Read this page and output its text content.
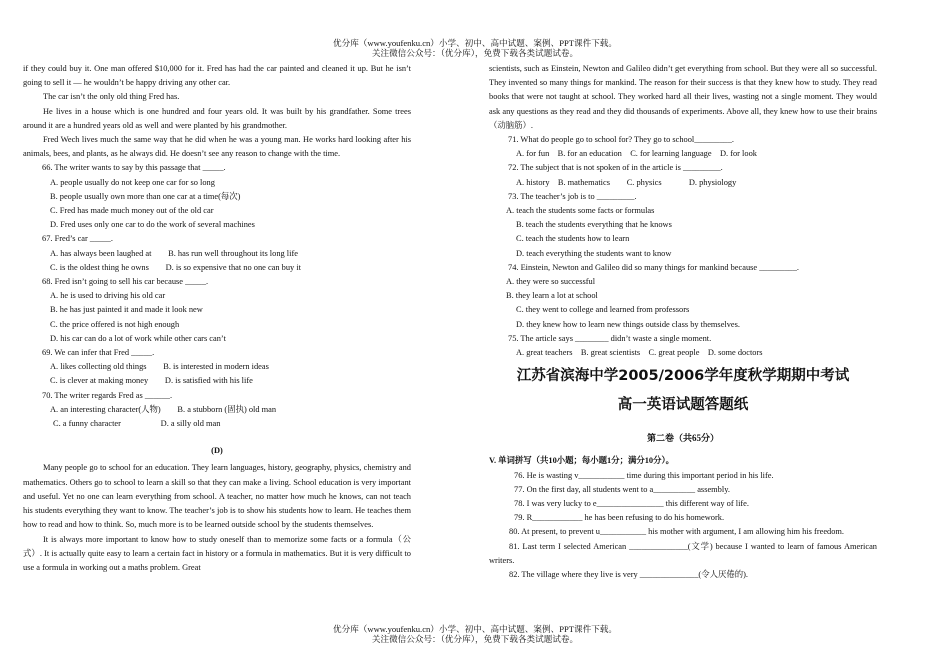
优分库（www.youfenku.cn）小学、初中、高中试题、案例、PPT课件下载。
关注微信公众号：（优分库），免费下载各类试题试卷。

if they could buy it. One man offered $10,000 for it. Fred has had the car painted and cleaned it up. But he isn’t going to sell it — he wouldn’t be happy driving any other car.

The car isn’t the only old thing Fred has.

He lives in a house which is one hundred and four years old. It was built by his grandfather. Some trees around it are a hundred years old as well and were planted by his grandmother.

Fred Wech lives much the same way that he did when he was a young man. He works hard looking after his animals, bees, and plants, as he always did. He doesn’t see any reason to change with the time.

66. The writer wants to say by this passage that _____.

A. people usually do not keep one car for so long

B. people usually own more than one car at a time(每次)

C. Fred has made much money out of the old car

D. Fred uses only one car to do the work of several machines

67. Fred’s car _____.

A. has always been laughed at        B. has run well throughout its long life

C. is the oldest thing he owns        D. is so expensive that no one can buy it

68. Fred isn’t going to sell his car because _____.

A. he is used to driving his old car

B. he has just painted it and made it look new

C. the price offered is not high enough

D. his car can do a lot of work while other cars can’t

69. We can infer that Fred _____.

A. likes collecting old things        B. is interested in modern ideas

C. is clever at making money        D. is satisfied with his life

70. The writer regards Fred as ______.

A. an interesting character(人物)        B. a stubborn (固执) old man

C. a funny character                   D. a silly old man

(D)

Many people go to school for an education. They learn languages, history, geography, physics, chemistry and mathematics. Others go to school to learn a skill so that they can make a living. School education is very important and useful. Yet no one can learn everything from school. A teacher, no matter how much he knows, can not teach his students everything they want to know. The teacher’s job is to show his students how to learn. He teaches them how to read and how to think. So, much more is to be learned outside school by the students themselves.

It is always more important to know how to study oneself than to memorize some facts or a formula（公式）. It is actually quite easy to learn a certain fact in history or a formula in mathematics. But it is very difficult to use a formula in working out a maths problem. Great

scientists, such as Einstein, Newton and Galileo didn’t get everything from school. But they were all so successful. They invented so many things for mankind. The reason for their success is that they knew how to study. They read books that were not taught at school. They worked hard all their lives, wasting not a single moment. They would ask any questions as they read and they did thousands of experiments. Above all, they knew how to use their brains（动脑筋）.

71. What do people go to school for? They go to school_________.

A. for fun    B. for an education    C. for learning language    D. for look

72. The subject that is not spoken of in the article is _________.

A. history    B. mathematics        C. physics             D. physiology

73. The teacher’s job is to _________.

A. teach the students some facts or formulas

B. teach the students everything that he knows

C. teach the students how to learn

D. teach everything the students want to know

74. Einstein, Newton and Galileo did so many things for mankind because _________.

A. they were so successful

B. they learn a lot at school

C. they went to college and learned from professors

D. they knew how to learn new things outside class by themselves.

75. The article says ________ didn’t waste a single moment.

A. great teachers    B. great scientists    C. great people    D. some doctors

江苏省滨海中学2005/2006学年度秋学期期中考试

高一英语试题答题纸

第二卷（共65分）

V. 单词拼写（共10小题；每小题1分；满分10分）。

76. He is wasting v___________ time during this important period in his life.

77. On the first day, all students went to a__________ assembly.

78. I was very lucky to e________________ this different way of life.

79. R____________ he has been refusing to do his homework.

80. At present, to prevent u___________ his mother with argument, I am allowing him his freedom.

81. Last term I selected American ______________(文学) because I wanted to learn of famous American writers.

82. The village where they live is very ______________(令人厌倦的).

优分库（www.youfenku.cn）小学、初中、高中试题、案例、PPT课件下载。
关注微信公众号：（优分库），免费下载各类试题试卷。
